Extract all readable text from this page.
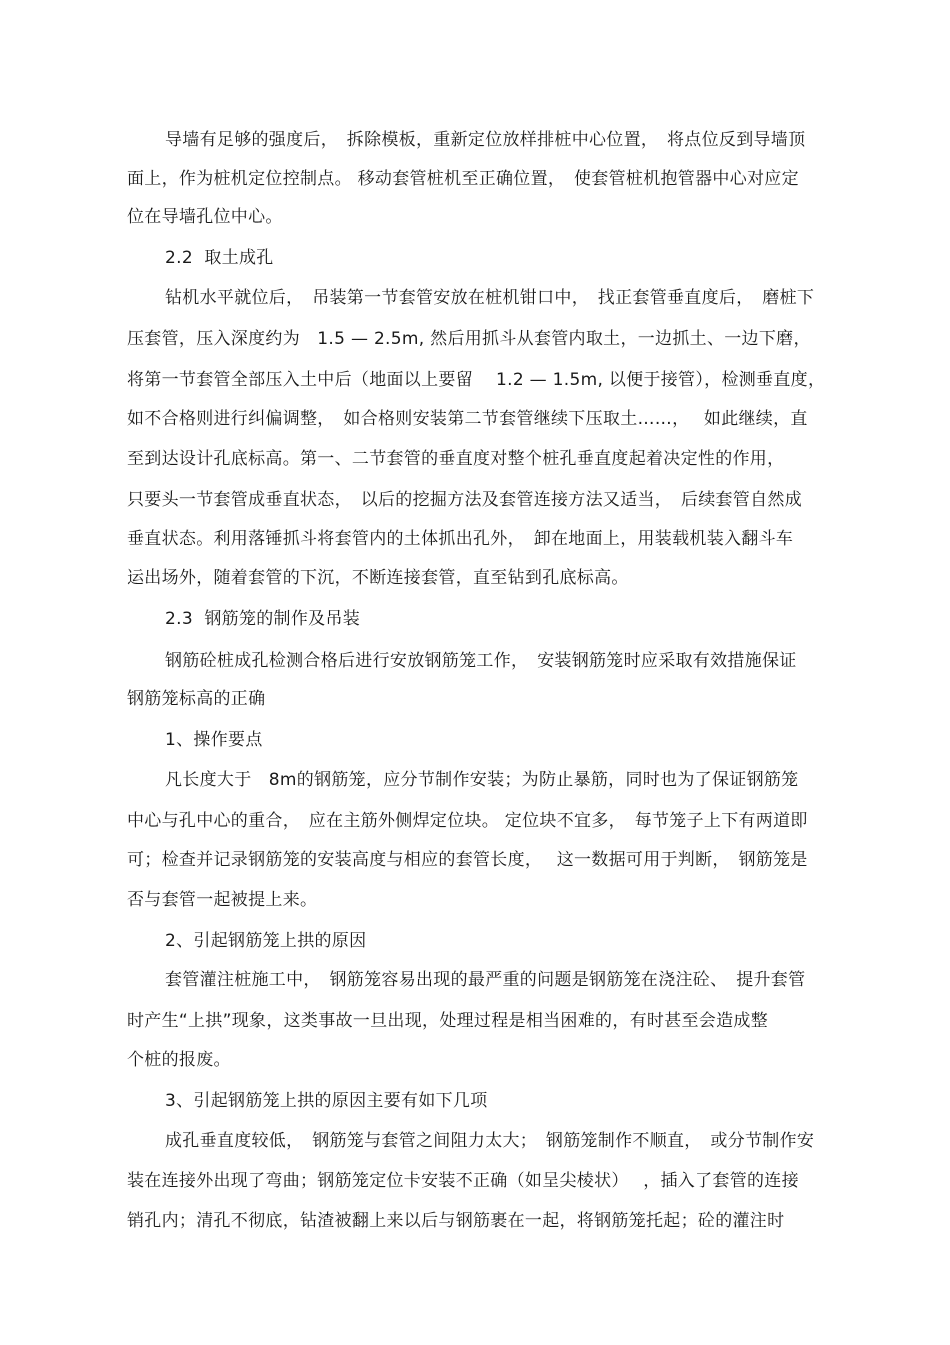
导墙有足够的强度后，　拆除模板，重新定位放样排桩中心位置，　将点位反到导墙顶
面上，作为桩机定位控制点。 移动套管桩机至正确位置，　使套管桩机抱管器中心对应定
位在导墙孔位中心。
2.2  取土成孔
钻机水平就位后，　吊装第一节套管安放在桩机钳口中，　找正套管垂直度后，　磨桩下
压套管，压入深度约为　1.5 — 2.5m, 然后用抓斗从套管内取土，一边抓土、一边下磨，
将第一节套管全部压入土中后（地面以上要留　 1.2 — 1.5m, 以便于接管），检测垂直度，
如不合格则进行纠偏调整，　如合格则安装第二节套管继续下压取土……，　 如此继续，直
至到达设计孔底标高。第一、二节套管的垂直度对整个桩孔垂直度起着决定性的作用，
只要头一节套管成垂直状态，　以后的挖掘方法及套管连接方法又适当，　后续套管自然成
垂直状态。利用落锤抓斗将套管内的土体抓出孔外，　卸在地面上，用装载机装入翻斗车
运出场外，随着套管的下沉，不断连接套管，直至钻到孔底标高。
2.3  钢筋笼的制作及吊装
钢筋砼桩成孔检测合格后进行安放钢筋笼工作，　安装钢筋笼时应采取有效措施保证
钢筋笼标高的正确
1、操作要点
凡长度大于　8m的钢筋笼，应分节制作安装；为防止暴筋，同时也为了保证钢筋笼
中心与孔中心的重合，　应在主筋外侧焊定位块。 定位块不宜多，　每节笼子上下有两道即
可；检查并记录钢筋笼的安装高度与相应的套管长度，　 这一数据可用于判断，　钢筋笼是
否与套管一起被提上来。
2、引起钢筋笼上拱的原因
套管灌注桩施工中，　钢筋笼容易出现的最严重的问题是钢筋笼在浇注砼、　提升套管
时产生“上拱”现象，这类事故一旦出现，处理过程是相当困难的，有时甚至会造成整
个桩的报废。
3、引起钢筋笼上拱的原因主要有如下几项
成孔垂直度较低，　钢筋笼与套管之间阻力太大；　钢筋笼制作不顺直，　或分节制作安
装在连接外出现了弯曲；钢筋笼定位卡安装不正确（如呈尖棱状）　 ，插入了套管的连接
销孔内；清孔不彻底，钻渣被翻上来以后与钢筋裹在一起，将钢筋笼托起；砼的灌注时
